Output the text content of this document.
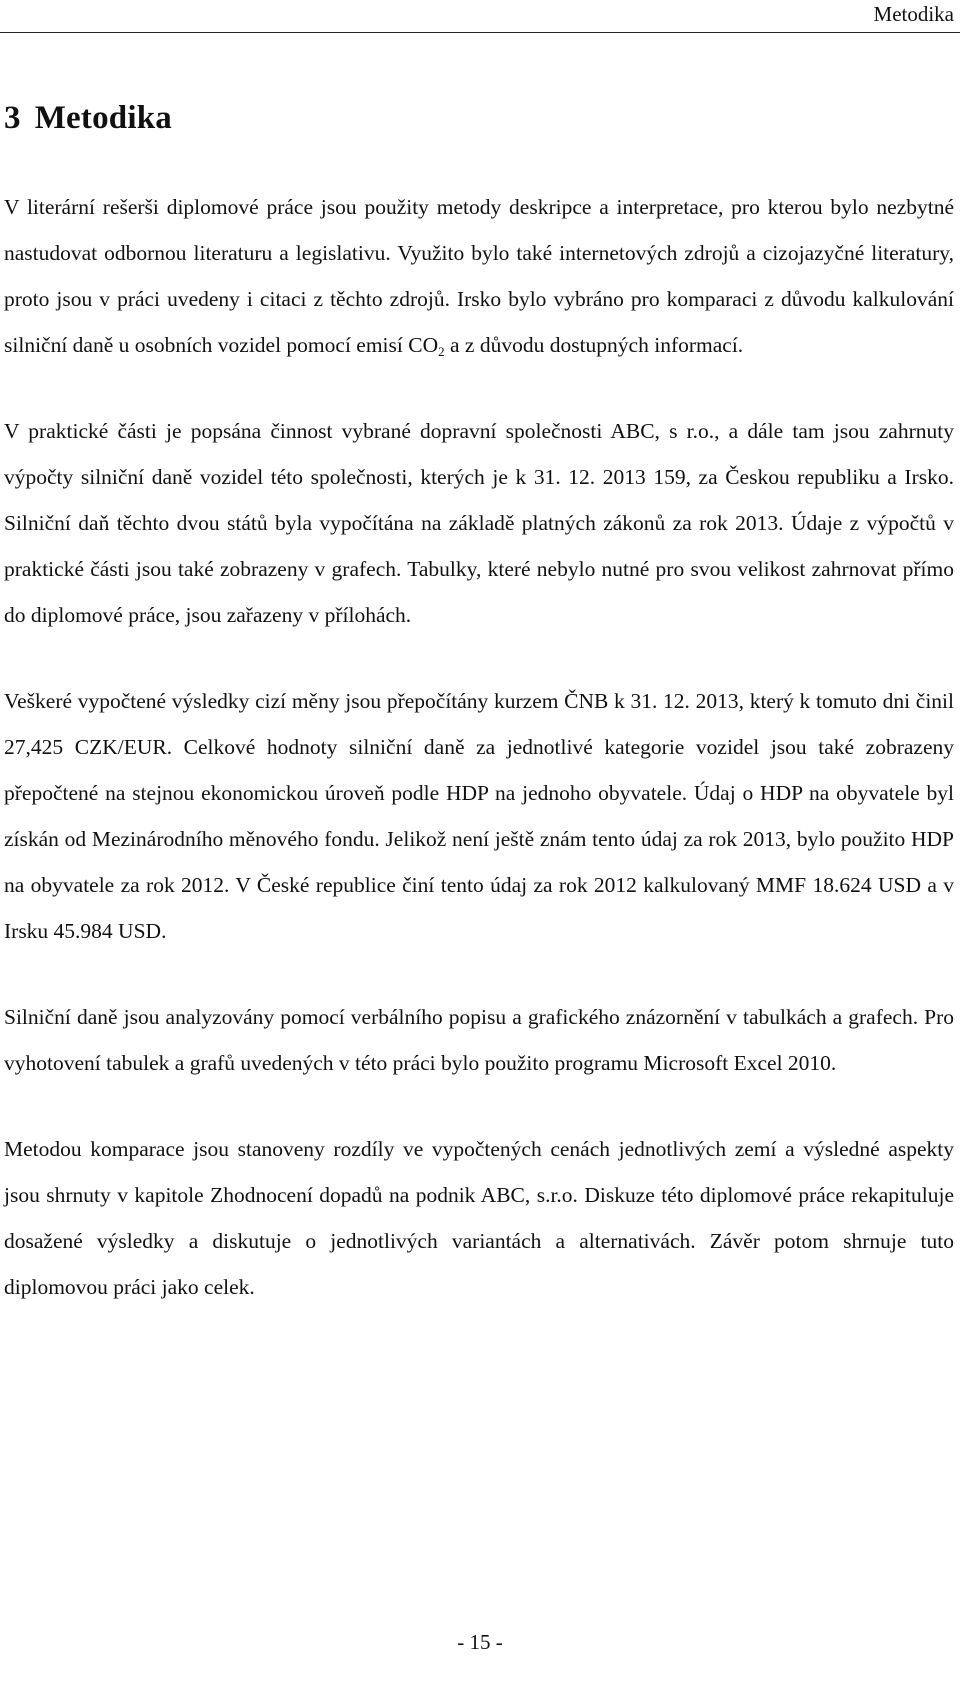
Metodika
3 Metodika

V literární rešerši diplomové práce jsou použity metody deskripce a interpretace, pro kterou bylo nezbytné nastudovat odbornou literaturu a legislativu. Využito bylo také internetových zdrojů a cizojazyčné literatury, proto jsou v práci uvedeny i citaci z těchto zdrojů. Irsko bylo vybráno pro komparaci z důvodu kalkulování silniční daně u osobních vozidel pomocí emisí $CO_2$ a z důvodu dostupných informací.

V praktické části je popsána činnost vybrané dopravní společnosti ABC, s r.o., a dále tam jsou zahrnuty výpočty silniční daně vozidel této společnosti, kterých je k 31. 12. 2013 159, za Českou republiku a Irsko. Silniční daň těchto dvou států byla vypočítána na základě platných zákonů za rok 2013. Údaje z výpočtů v praktické části jsou také zobrazeny v grafech. Tabulky, které nebylo nutné pro svou velikost zahrnovat přímo do diplomové práce, jsou zařazeny v přílohách.

Veškeré vypočtené výsledky cizí měny jsou přepočítány kurzem ČNB k 31. 12. 2013, který k tomuto dni činil 27,425 CZK/EUR. Celkové hodnoty silniční daně za jednotlivé kategorie vozidel jsou také zobrazeny přepočtené na stejnou ekonomickou úroveň podle HDP na jednoho obyvatele. Údaj o HDP na obyvatele byl získán od Mezinárodního měnového fondu. Jelikož není ještě znám tento údaj za rok 2013, bylo použito HDP na obyvatele za rok 2012. V České republice činí tento údaj za rok 2012 kalkulovaný MMF 18.624 USD a v Irsku 45.984 USD.

Silniční daně jsou analyzovány pomocí verbálního popisu a grafického znázornění v tabulkách a grafech. Pro vyhotovení tabulek a grafů uvedených v této práci bylo použito programu Microsoft Excel 2010.

Metodou komparace jsou stanoveny rozdíly ve vypočtených cenách jednotlivých zemí a výsledné aspekty jsou shrnuty v kapitole Zhodnocení dopadů na podnik ABC, s.r.o. Diskuze této diplomové práce rekapituluje dosažené výsledky a diskutuje o jednotlivých variantách a alternativách. Závěr potom shrnuje tuto diplomovou práci jako celek.

- 15 -
